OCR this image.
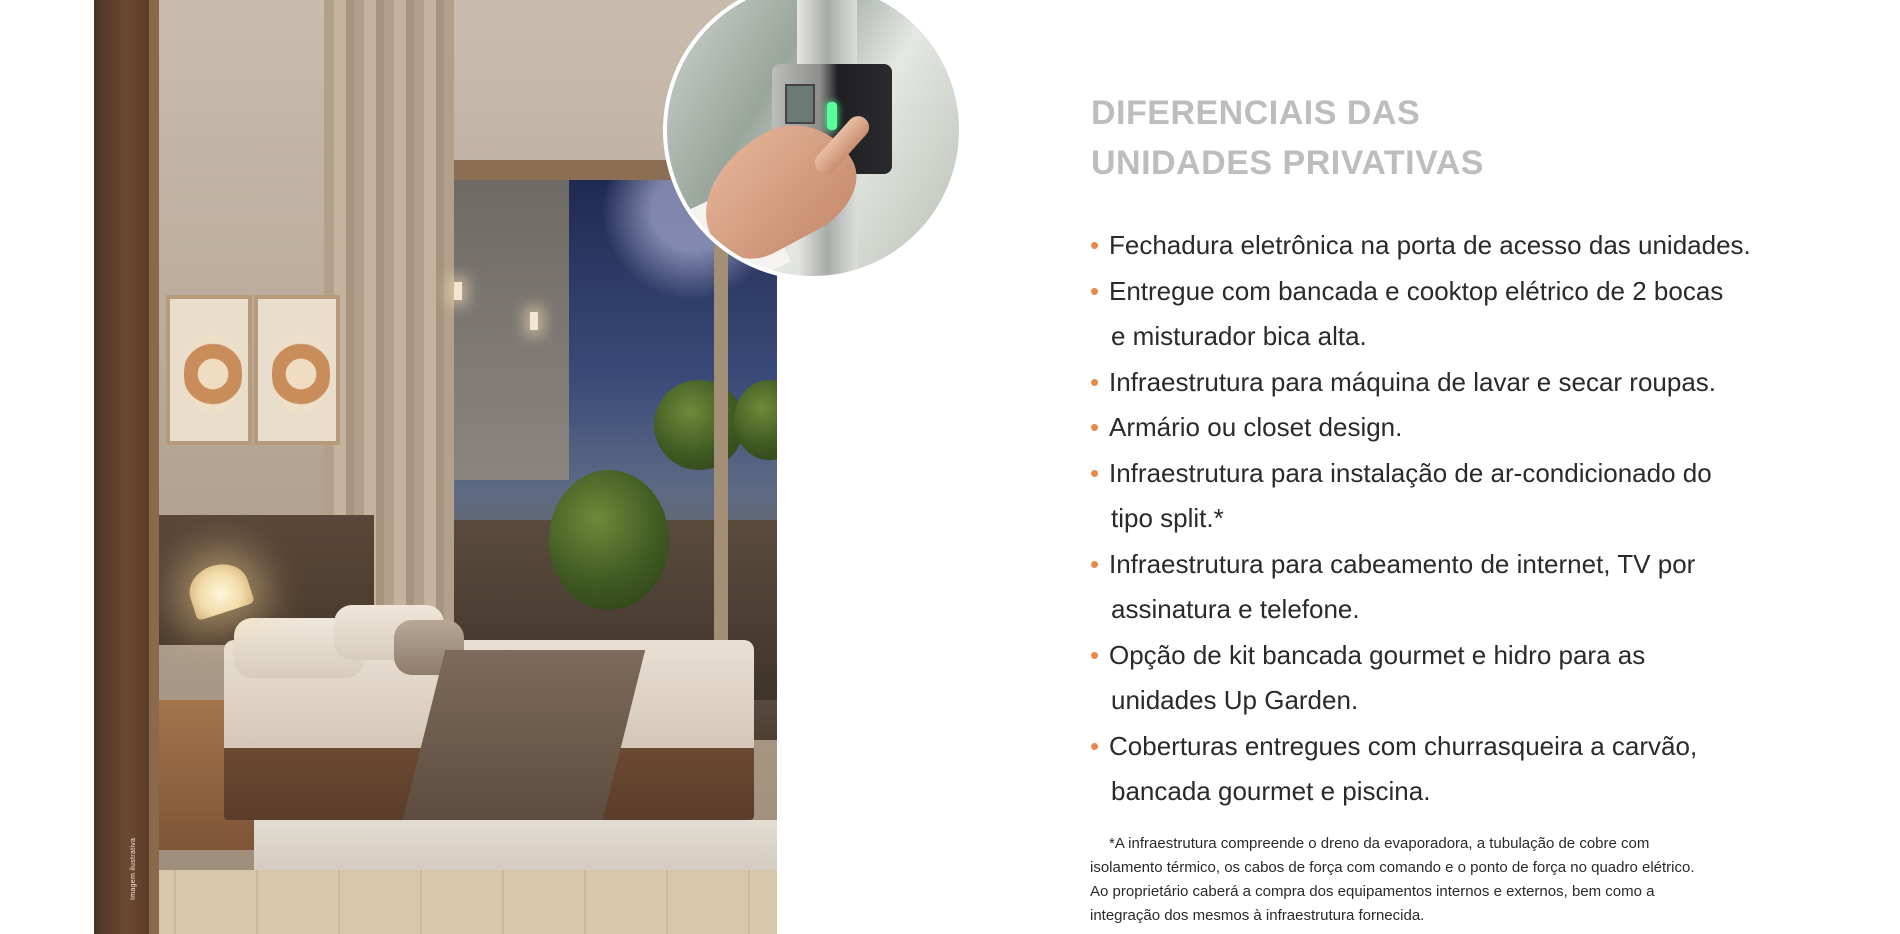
Imagem ilustrativa
DIFERENCIAIS DAS
UNIDADES PRIVATIVAS
• Fechadura eletrônica na porta de acesso das unidades.
• Entregue com bancada e cooktop elétrico de 2 bocas
e misturador bica alta.
• Infraestrutura para máquina de lavar e secar roupas.
• Armário ou closet design.
• Infraestrutura para instalação de ar-condicionado do
tipo split.*
• Infraestrutura para cabeamento de internet, TV por
assinatura e telefone.
• Opção de kit bancada gourmet e hidro para as
unidades Up Garden.
• Coberturas entregues com churrasqueira a carvão,
bancada gourmet e piscina.
*A infraestrutura compreende o dreno da evaporadora, a tubulação de cobre com
isolamento térmico, os cabos de força com comando e o ponto de força no quadro elétrico.
Ao proprietário caberá a compra dos equipamentos internos e externos, bem como a
integração dos mesmos à infraestrutura fornecida.
